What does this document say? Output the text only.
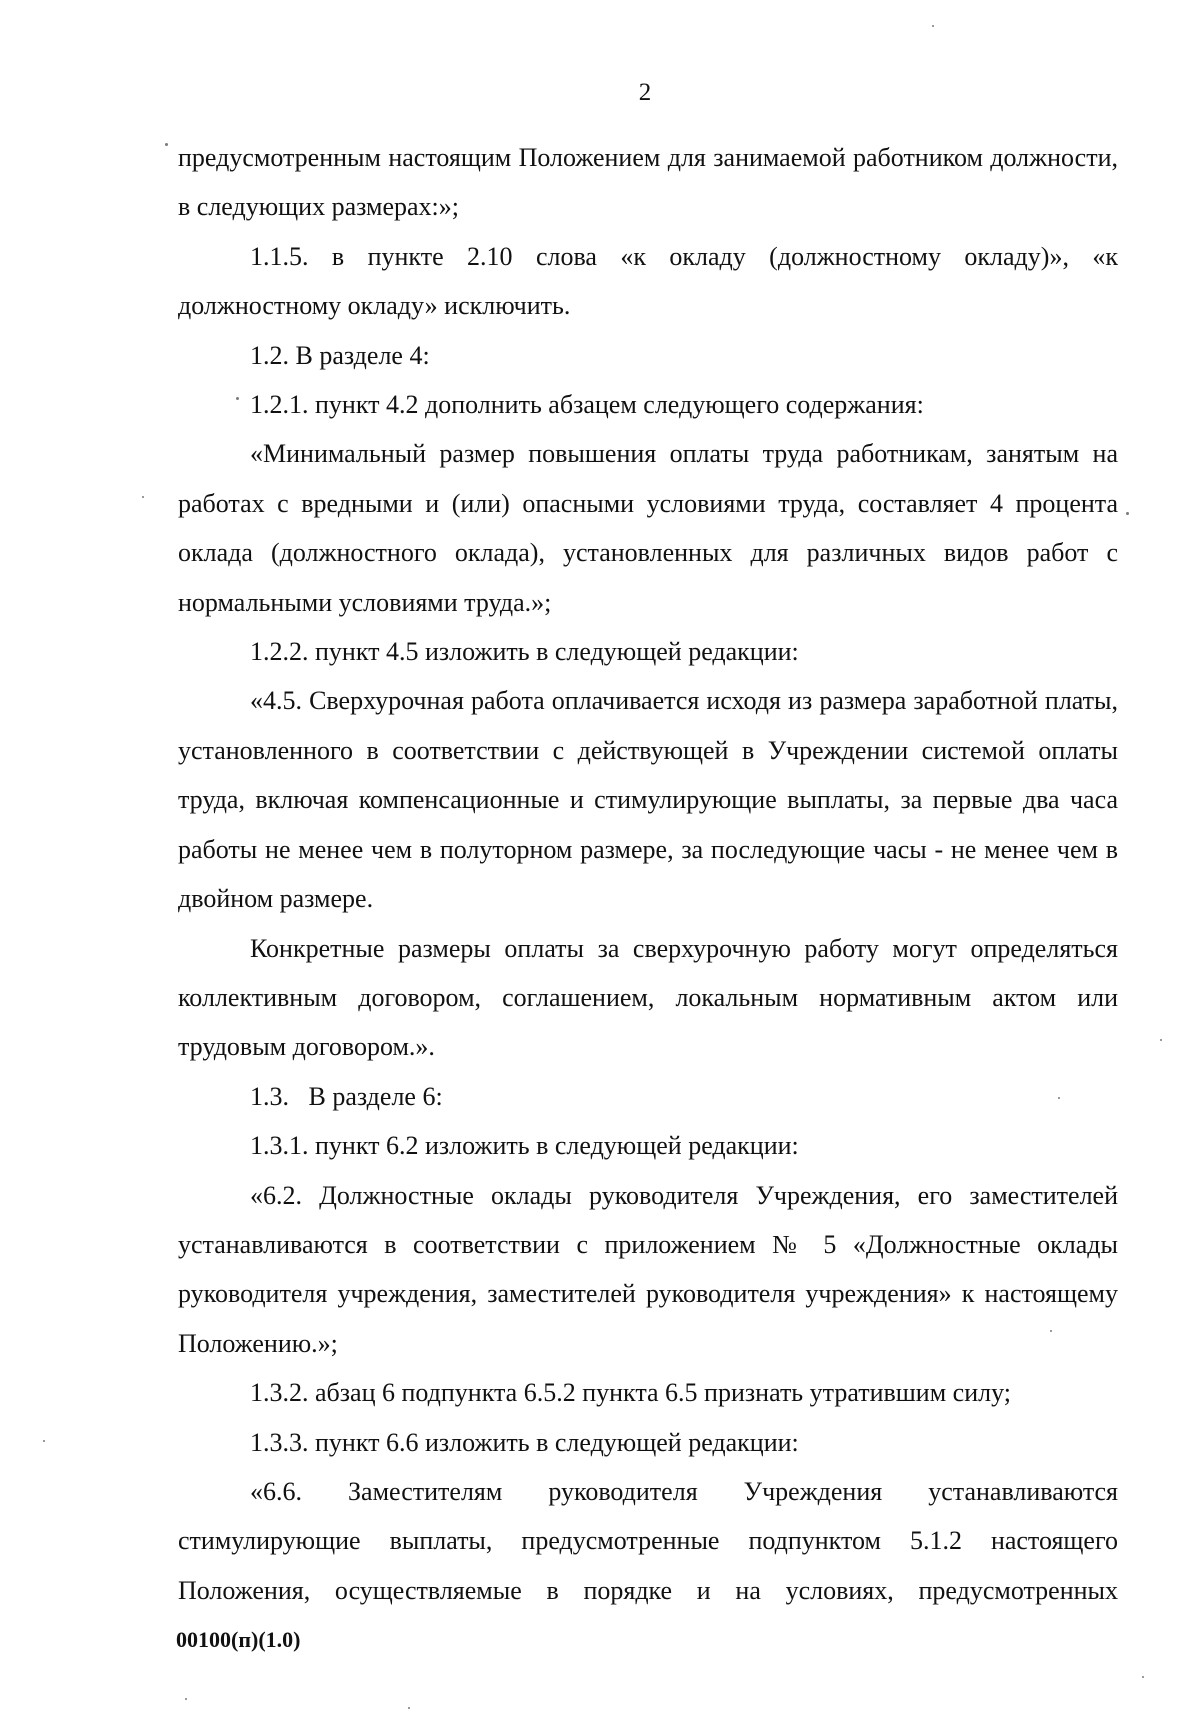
2

предусмотренным настоящим Положением для занимаемой работником должности, в следующих размерах:»;

1.1.5. в пункте 2.10 слова «к окладу (должностному окладу)», «к должностному окладу» исключить.

1.2. В разделе 4:

1.2.1. пункт 4.2 дополнить абзацем следующего содержания:

«Минимальный размер повышения оплаты труда работникам, занятым на работах с вредными и (или) опасными условиями труда, составляет 4 процента оклада (должностного оклада), установленных для различных видов работ с нормальными условиями труда.»;

1.2.2. пункт 4.5 изложить в следующей редакции:

«4.5. Сверхурочная работа оплачивается исходя из размера заработной платы, установленного в соответствии с действующей в Учреждении системой оплаты труда, включая компенсационные и стимулирующие выплаты, за первые два часа работы не менее чем в полуторном размере, за последующие часы - не менее чем в двойном размере.

Конкретные размеры оплаты за сверхурочную работу могут определяться коллективным договором, соглашением, локальным нормативным актом или трудовым договором.».

1.3.   В разделе 6:

1.3.1. пункт 6.2 изложить в следующей редакции:

«6.2. Должностные оклады руководителя Учреждения, его заместителей устанавливаются в соответствии с приложением № 5 «Должностные оклады руководителя учреждения, заместителей руководителя учреждения» к настоящему Положению.»;

1.3.2. абзац 6 подпункта 6.5.2 пункта 6.5 признать утратившим силу;

1.3.3. пункт 6.6 изложить в следующей редакции:

«6.6. Заместителям руководителя Учреждения устанавливаются стимулирующие выплаты, предусмотренные подпунктом 5.1.2 настоящего Положения, осуществляемые в порядке и на условиях, предусмотренных

00100(п)(1.0)
